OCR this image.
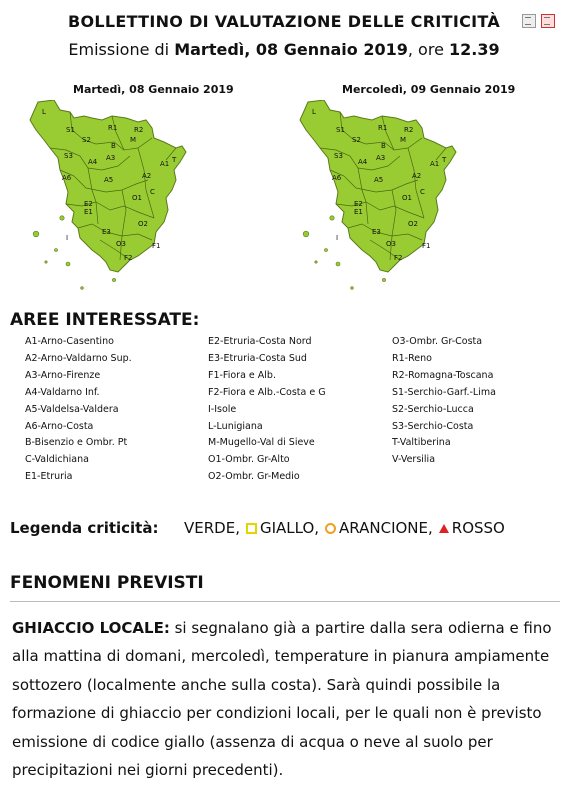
BOLLETTINO DI VALUTAZIONE DELLE CRITICITÀ
Emissione di Martedì, 08 Gennaio 2019, ore 12.39
Martedì, 08 Gennaio 2019	Mercoledì, 09 Gennaio 2019
R2
L
S1	R1
M
T
S2
B
S3
A4	A1
A3
C
A6	A5	A2
E2
O1
E1
O2
I
E3
O3	F1
F2
R2
L
S1	R1
M
T
S2
B
S3
A4	A1
A3
C
A6	A5	A2
E2
O1
E1
O2
I
E3
O3	F1
F2
AREE INTERESSATE:
A1-Arno-Casentino
A2-Arno-Valdarno Sup.
A3-Arno-Firenze
A4-Valdarno Inf.
A5-Valdelsa-Valdera
A6-Arno-Costa
B-Bisenzio e Ombr. Pt
C-Valdichiana
E1-Etruria
E2-Etruria-Costa Nord
E3-Etruria-Costa Sud
F1-Fiora e Alb.
F2-Fiora e Alb.-Costa e G
I-Isole
L-Lunigiana
M-Mugello-Val di Sieve
O1-Ombr. Gr-Alto
O2-Ombr. Gr-Medio
O3-Ombr. Gr-Costa
R1-Reno
R2-Romagna-Toscana
S1-Serchio-Garf.-Lima
S2-Serchio-Lucca
S3-Serchio-Costa
T-Valtiberina
V-Versilia
Legenda criticità: VERDE, GIALLO, ARANCIONE, ROSSO
FENOMENI PREVISTI
GHIACCIO LOCALE: si segnalano già a partire dalla sera odierna e fino alla mattina di domani, mercoledì, temperature in pianura ampiamente sottozero (localmente anche sulla costa). Sarà quindi possibile la formazione di ghiaccio per condizioni locali, per le quali non è previsto emissione di codice giallo (assenza di acqua o neve al suolo per precipitazioni nei giorni precedenti).
